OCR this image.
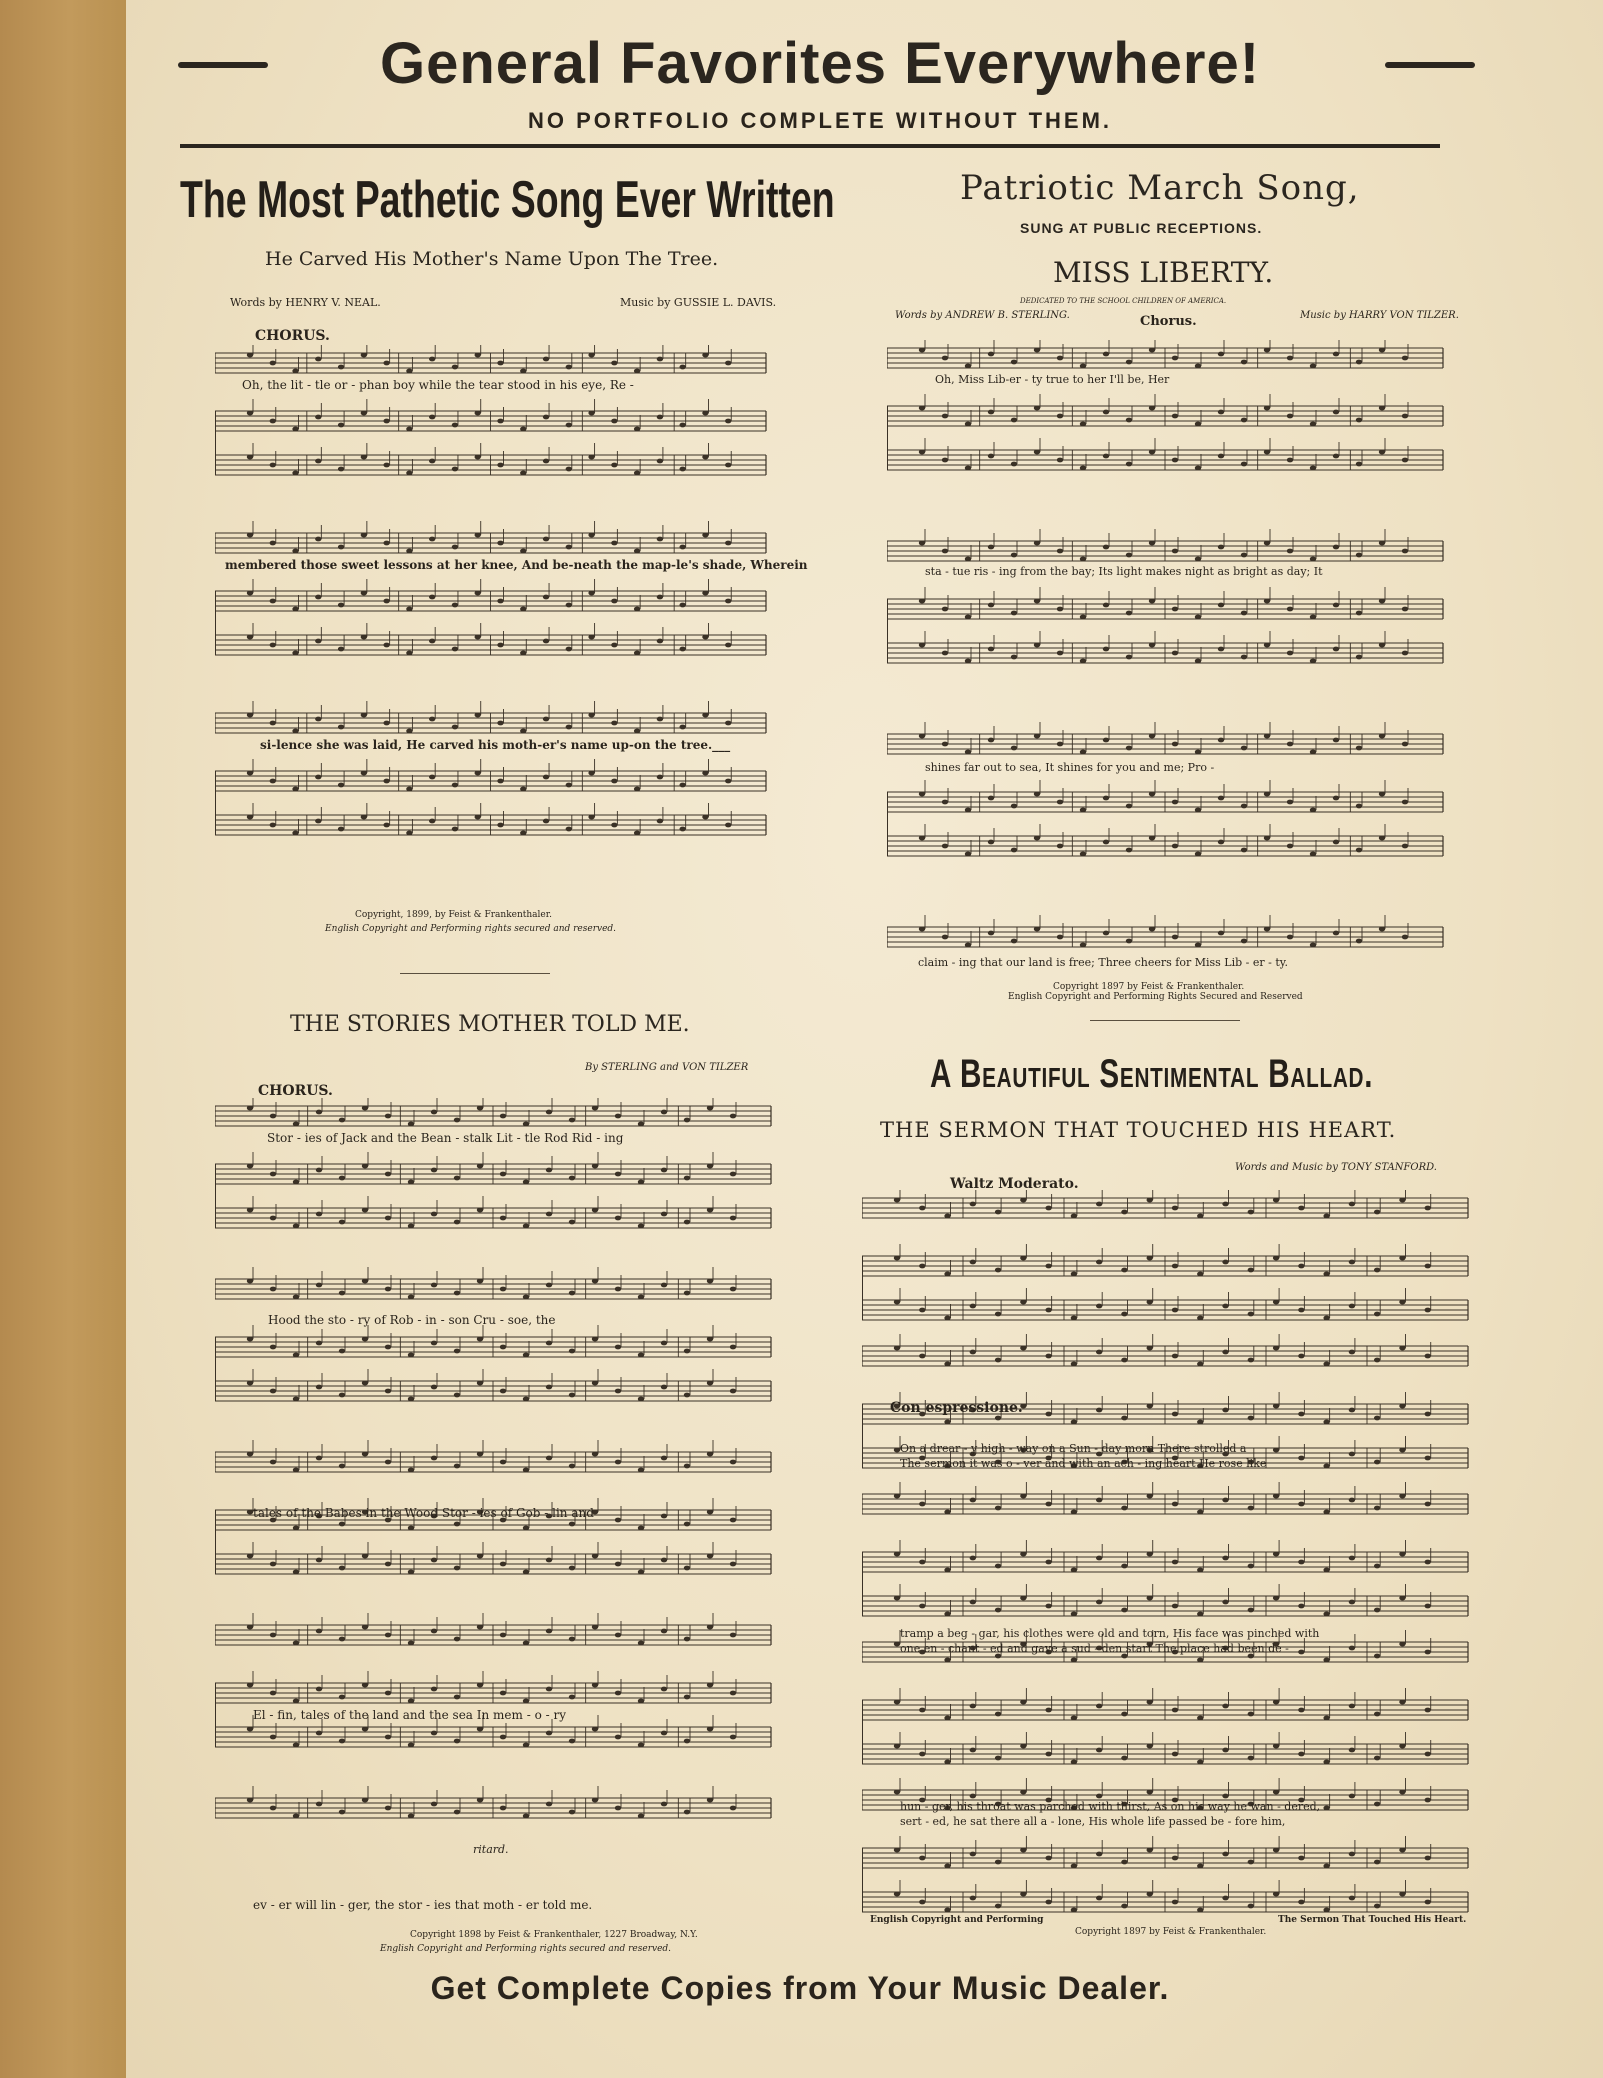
General Favorites Everywhere!
NO PORTFOLIO COMPLETE WITHOUT THEM.
The Most Pathetic Song Ever Written
He Carved His Mother's Name Upon The Tree.
Words by HENRY V. NEAL.	Music by GUSSIE L. DAVIS.
CHORUS.
Oh, the lit - tle or - phan boy while the tear stood in his eye, Re -
membered those sweet lessons at her knee, And be-neath the map-le's shade, Wherein
si-lence she was laid, He carved his moth-er's name up-on the tree.___
Copyright, 1899, by Feist & Frankenthaler.
English Copyright and Performing rights secured and reserved.
THE STORIES MOTHER TOLD ME.
By STERLING and VON TILZER
CHORUS.
Stor - ies of Jack and the Bean - stalk Lit - tle Rod Rid - ing
Hood the sto - ry of Rob - in - son Cru - soe, the
tales of the Babes in the Wood Stor - ies of Gob - lin and
El - fin, tales of the land and the sea In mem - o - ry
ritard.
ev - er will lin - ger, the stor - ies that moth - er told me.
Copyright 1898 by Feist & Frankenthaler, 1227 Broadway, N.Y.
English Copyright and Performing rights secured and reserved.
Patriotic March Song,
SUNG AT PUBLIC RECEPTIONS.
MISS LIBERTY.
DEDICATED TO THE SCHOOL CHILDREN OF AMERICA.
Words by ANDREW B. STERLING.	Chorus.	Music by HARRY VON TILZER.
Oh, Miss Lib-er - ty true to her I'll be, Her
sta - tue ris - ing from the bay; Its light makes night as bright as day; It
shines far out to sea, It shines for you and me; Pro -
claim - ing that our land is free; Three cheers for Miss Lib - er - ty.
Copyright 1897 by Feist & Frankenthaler.
English Copyright and Performing Rights Secured and Reserved
A Beautiful Sentimental Ballad.
THE SERMON THAT TOUCHED HIS HEART.
Words and Music by TONY STANFORD.
Waltz Moderato.
Con espressione.
On a drear - y high - way on a Sun - day morn There strolled a
The sermon it was o - ver and with an ach - ing heart He rose like
tramp a beg - gar, his clothes were old and torn, His face was pinched with
one en - chant - ed and gave a sud - den start The place had been de -
hun - ger, his throat was parched with thirst, As on his way he wan - dered,
sert - ed, he sat there all a - lone, His whole life passed be - fore him,
English Copyright and Performing
Copyright 1897 by Feist & Frankenthaler.
The Sermon That Touched His Heart.
Get Complete Copies from Your Music Dealer.
